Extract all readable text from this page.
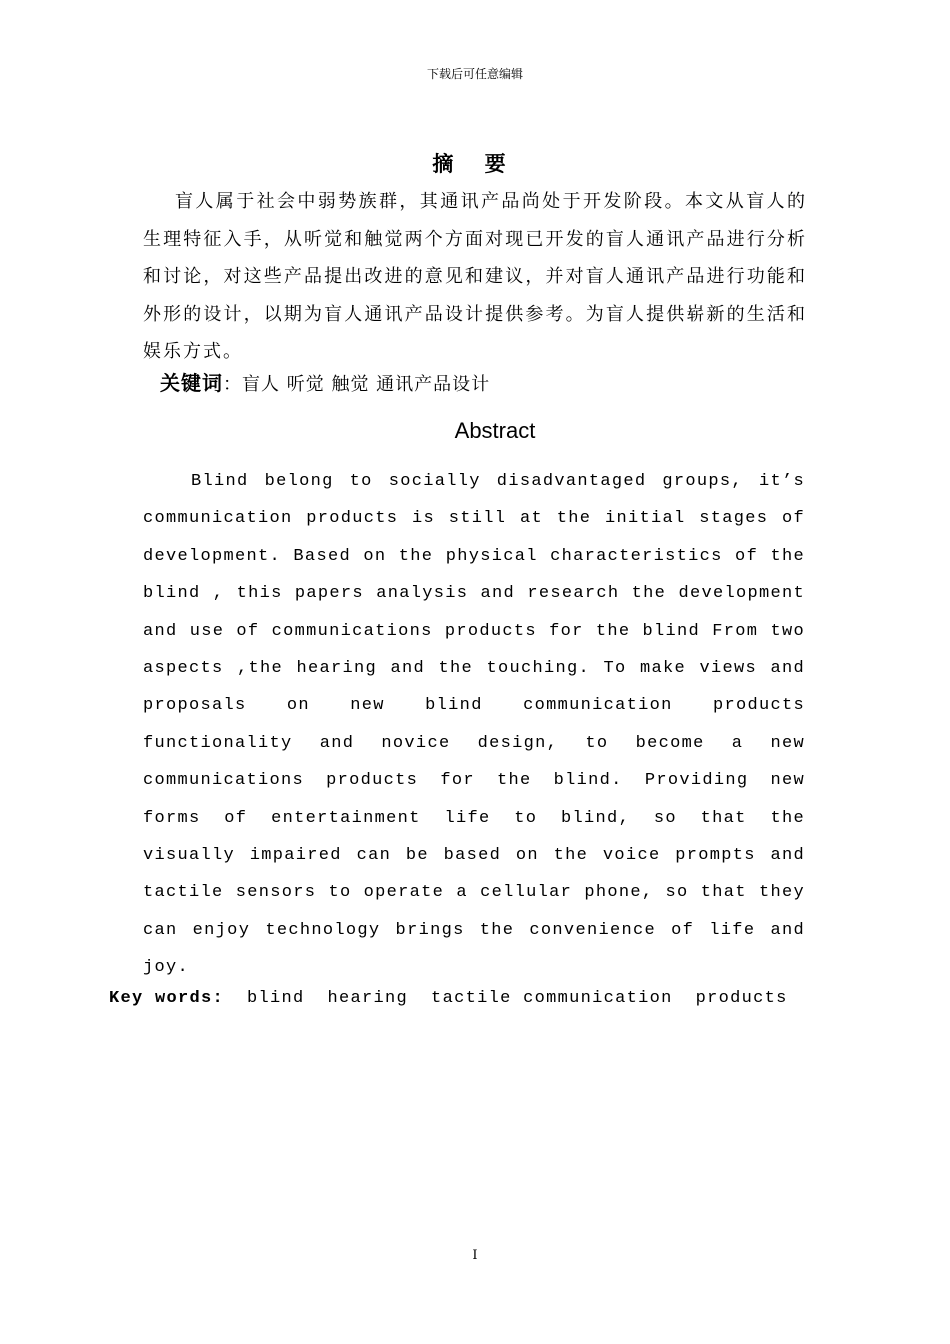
下载后可任意编辑
摘 要

盲人属于社会中弱势族群，其通讯产品尚处于开发阶段。本文从盲人的生理特征入手，从听觉和触觉两个方面对现已开发的盲人通讯产品进行分析和讨论，对这些产品提出改进的意见和建议，并对盲人通讯产品进行功能和外形的设计，以期为盲人通讯产品设计提供参考。为盲人提供崭新的生活和娱乐方式。

关键词：盲人 听觉 触觉 通讯产品设计

Abstract

Blind belong to socially disadvantaged groups, it’s communication products is still at the initial stages of development. Based on the physical characteristics of the blind , this papers analysis and research the development and use of communications products for the blind From two aspects ,the hearing and the touching. To make views and proposals on new blind communication products functionality and novice design, to become a new communications products for the blind. Providing new forms of entertainment life to blind, so that the visually impaired can be based on the voice prompts and tactile sensors to operate a cellular phone, so that they can enjoy technology brings the convenience of life and joy.

Key words:  blind  hearing  tactile communication  products

I
